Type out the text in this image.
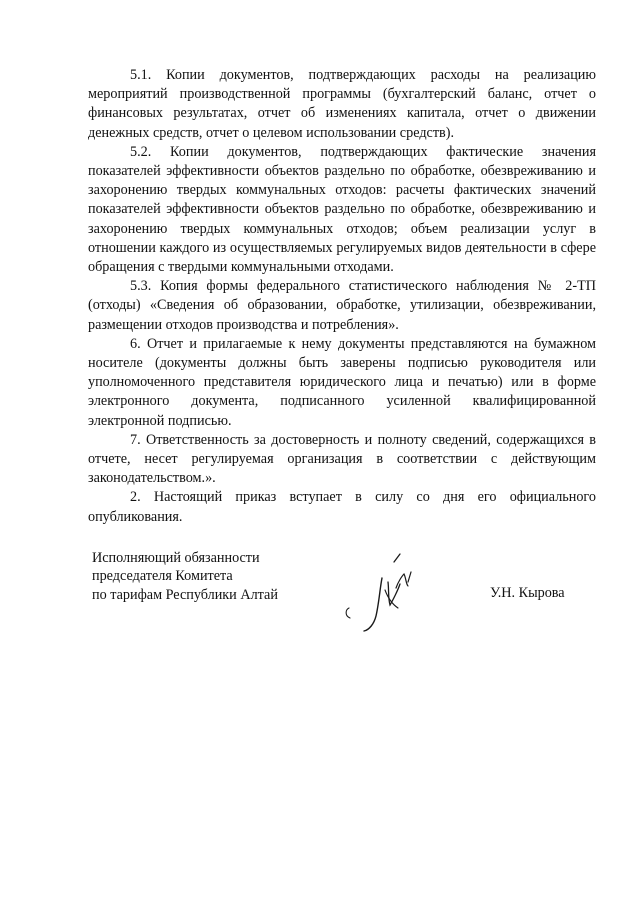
5.1. Копии документов, подтверждающих расходы на реализацию мероприятий производственной программы (бухгалтерский баланс, отчет о финансовых результатах, отчет об изменениях капитала, отчет о движении денежных средств, отчет о целевом использовании средств).

5.2. Копии документов, подтверждающих фактические значения показателей эффективности объектов раздельно по обработке, обезвреживанию и захоронению твердых коммунальных отходов: расчеты фактических значений показателей эффективности объектов раздельно по обработке, обезвреживанию и захоронению твердых коммунальных отходов; объем реализации услуг в отношении каждого из осуществляемых регулируемых видов деятельности в сфере обращения с твердыми коммунальными отходами.

5.3. Копия формы федерального статистического наблюдения № 2-ТП (отходы) «Сведения об образовании, обработке, утилизации, обезвреживании, размещении отходов производства и потребления».

6. Отчет и прилагаемые к нему документы представляются на бумажном носителе (документы должны быть заверены подписью руководителя или уполномоченного представителя юридического лица и печатью) или в форме электронного документа, подписанного усиленной квалифицированной электронной подписью.

7. Ответственность за достоверность и полноту сведений, содержащихся в отчете, несет регулируемая организация в соответствии с действующим законодательством.».

2. Настоящий приказ вступает в силу со дня его официального опубликования.

Исполняющий обязанности
председателя Комитета
по тарифам Республики Алтай	У.Н. Кырова
